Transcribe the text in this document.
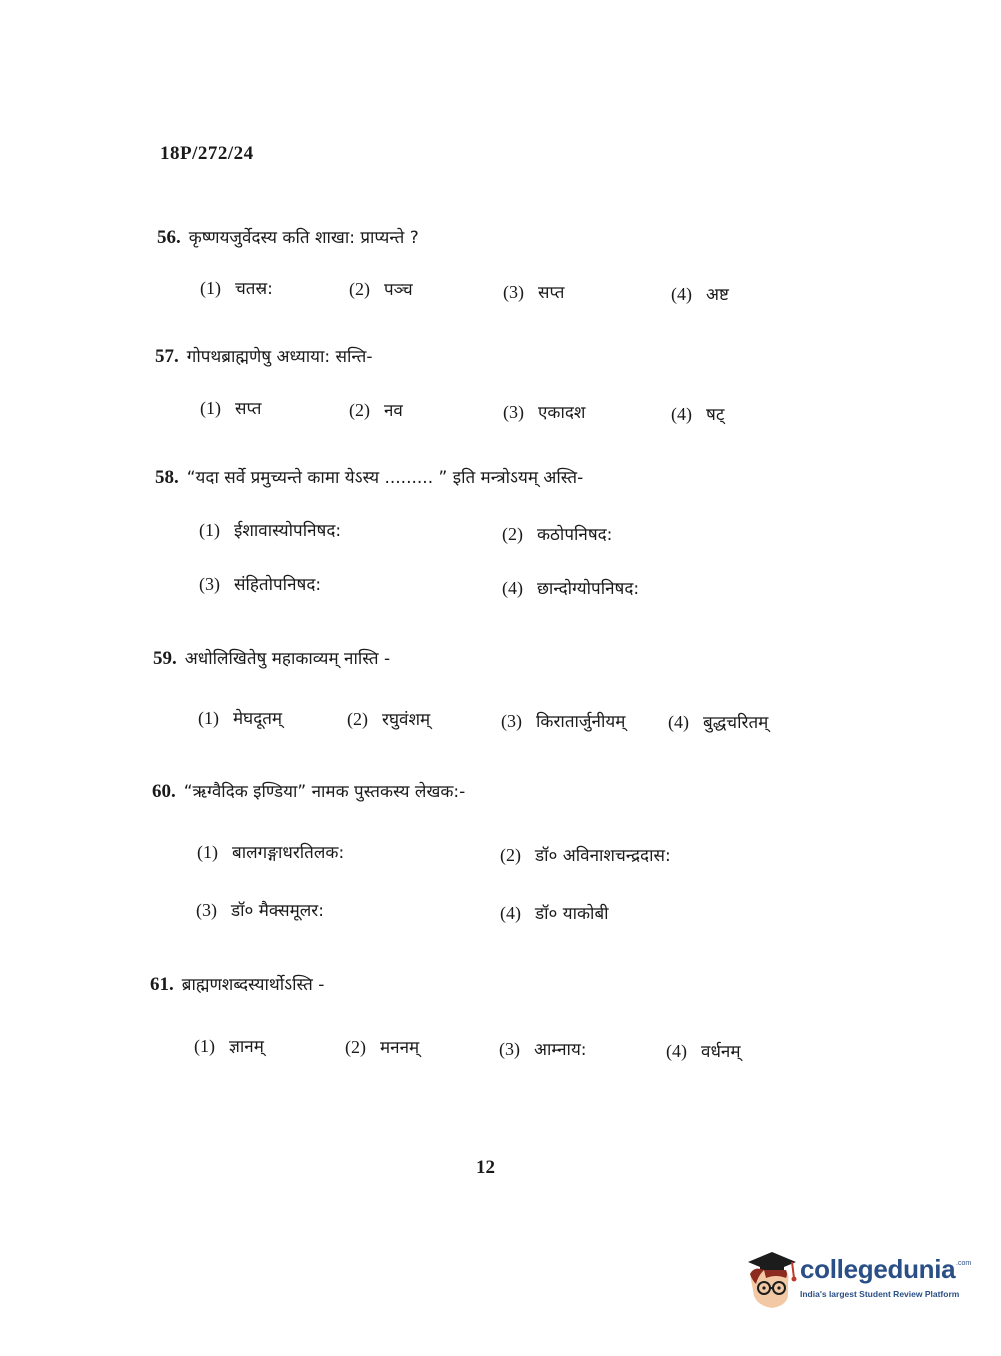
18P/272/24
56. कृष्णयजुर्वेदस्य कति शाखा: प्राप्यन्ते ?
(1) चतस्र:	(2) पञ्च	(3) सप्त	(4) अष्ट
57. गोपथब्राह्मणेषु अध्याया: सन्ति-
(1) सप्त	(2) नव	(3) एकादश	(4) षट्
58. “यदा सर्वे प्रमुच्यन्ते कामा येऽस्य ......... ” इति मन्त्रोऽयम् अस्ति-
(1) ईशावास्योपनिषद:	(2) कठोपनिषद:
(3) संहितोपनिषद:	(4) छान्दोग्योपनिषद:
59. अधोलिखितेषु महाकाव्यम् नास्ति -
(1) मेघदूतम्	(2) रघुवंशम्	(3) किरातार्जुनीयम् (4) बुद्धचरितम्
60. “ऋग्वैदिक इण्डिया” नामक पुस्तकस्य लेखक:-
(1) बालगङ्गाधरतिलक:	(2) डॉ० अविनाशचन्द्रदास:
(3) डॉ० मैक्समूलर:	(4) डॉ० याकोबी
61. ब्राह्मणशब्दस्यार्थोऽस्ति -
(1) ज्ञानम्	(2) मननम्	(3) आम्नाय:	(4) वर्धनम्
12
collegedunia .com
India's largest Student Review Platform
